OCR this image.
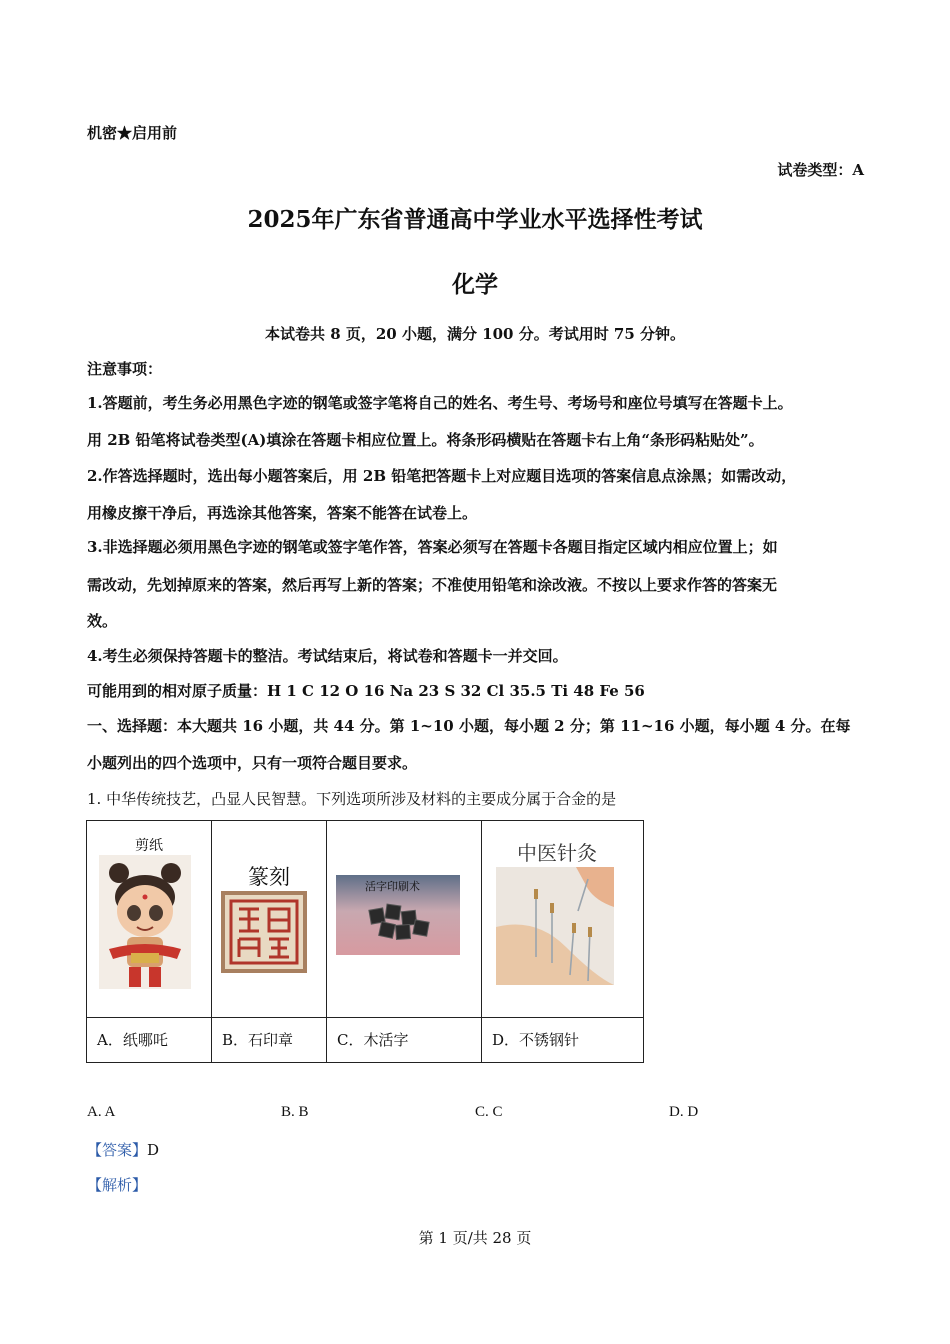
机密★启用前
试卷类型：A
2025年广东省普通高中学业水平选择性考试
化学
本试卷共 8 页，20 小题，满分 100 分。考试用时 75 分钟。
注意事项：
1.答题前，考生务必用黑色字迹的钢笔或签字笔将自己的姓名、考生号、考场号和座位号填写在答题卡上。
用 2B 铅笔将试卷类型(A)填涂在答题卡相应位置上。将条形码横贴在答题卡右上角“条形码粘贴处”。
2.作答选择题时，选出每小题答案后，用 2B 铅笔把答题卡上对应题目选项的答案信息点涂黑；如需改动，
用橡皮擦干净后，再选涂其他答案，答案不能答在试卷上。
3.非选择题必须用黑色字迹的钢笔或签字笔作答，答案必须写在答题卡各题目指定区域内相应位置上；如
需改动，先划掉原来的答案，然后再写上新的答案；不准使用铅笔和涂改液。不按以上要求作答的答案无
效。
4.考生必须保持答题卡的整洁。考试结束后，将试卷和答题卡一并交回。
可能用到的相对原子质量：H 1 C 12 O 16 Na 23 S 32 Cl 35.5 Ti 48 Fe 56
一、选择题：本大题共 16 小题，共 44 分。第 1~10 小题，每小题 2 分；第 11~16 小题，每小题 4 分。在每
小题列出的四个选项中，只有一项符合题目要求。
1. 中华传统技艺，凸显人民智慧。下列选项所涉及材料的主要成分属于合金的是
剪纸	篆刻	活字印刷术	中医针灸

A．纸哪吒	B．石印章	C．木活字	D．不锈钢针
A. A	B. B	C. C	D. D
【答案】D
【解析】
第 1 页/共 28 页
